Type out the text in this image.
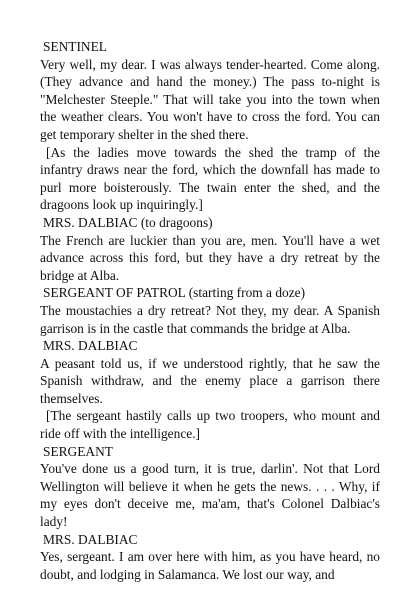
SENTINEL

Very well, my dear. I was always tender-hearted. Come along. (They advance and hand the money.) The pass to-night is "Melchester Steeple." That will take you into the town when the weather clears. You won't have to cross the ford. You can get temporary shelter in the shed there.

[As the ladies move towards the shed the tramp of the infantry draws near the ford, which the downfall has made to purl more boisterously. The twain enter the shed, and the dragoons look up inquiringly.]

MRS. DALBIAC (to dragoons)

The French are luckier than you are, men. You'll have a wet advance across this ford, but they have a dry retreat by the bridge at Alba.

SERGEANT OF PATROL (starting from a doze)

The moustachies a dry retreat? Not they, my dear. A Spanish garrison is in the castle that commands the bridge at Alba.

MRS. DALBIAC

A peasant told us, if we understood rightly, that he saw the Spanish withdraw, and the enemy place a garrison there themselves.

[The sergeant hastily calls up two troopers, who mount and ride off with the intelligence.]

SERGEANT

You've done us a good turn, it is true, darlin'. Not that Lord Wellington will believe it when he gets the news. . . . Why, if my eyes don't deceive me, ma'am, that's Colonel Dalbiac's lady!

MRS. DALBIAC

Yes, sergeant. I am over here with him, as you have heard, no doubt, and lodging in Salamanca. We lost our way, and
